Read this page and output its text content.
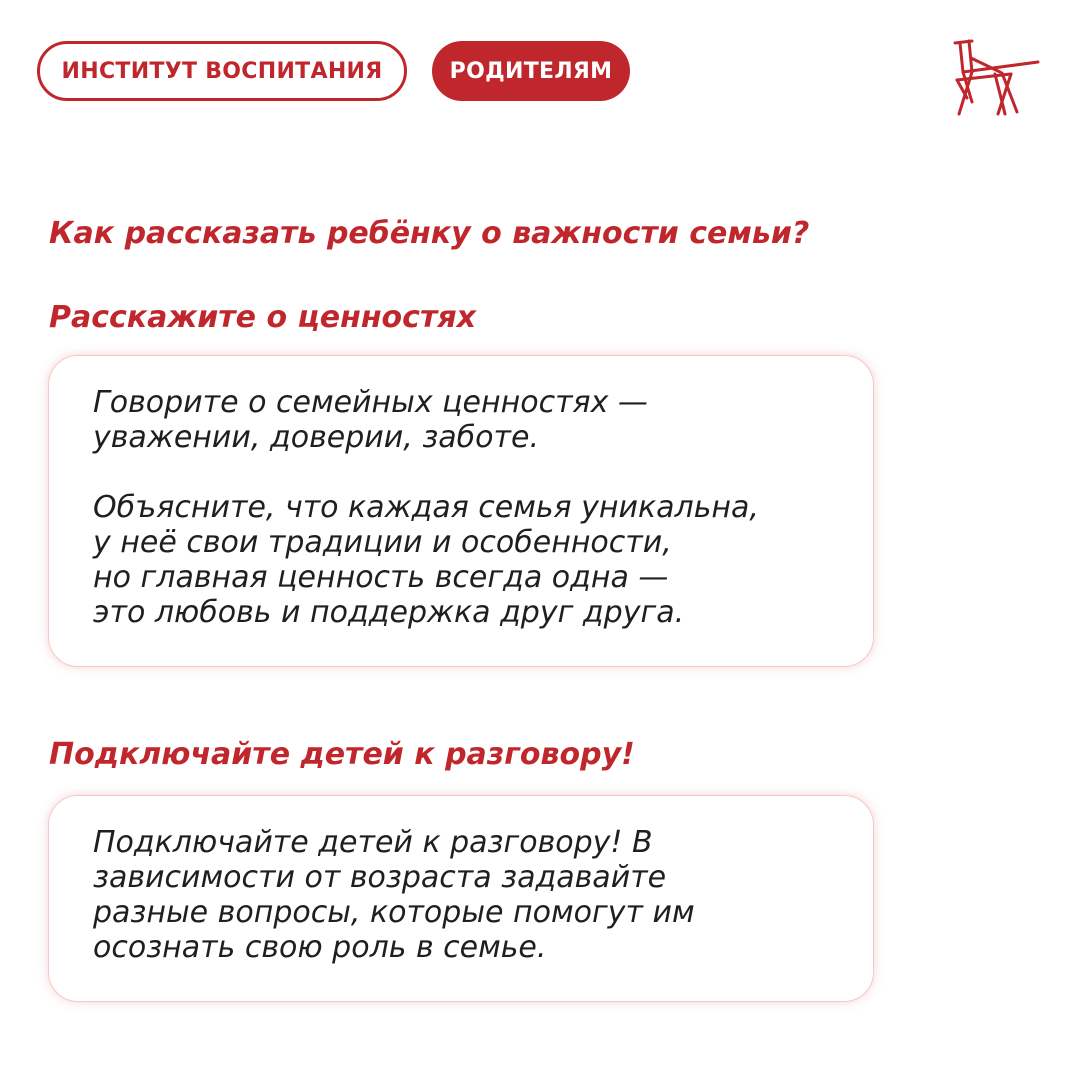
ИНСТИТУТ ВОСПИТАНИЯ	РОДИТЕЛЯМ
Как рассказать ребёнку о важности семьи?
Расскажите о ценностях

Говорите о семейных ценностях —
уважении, доверии, заботе.

Объясните, что каждая семья уникальна,
у неё свои традиции и особенности,
но главная ценность всегда одна —
это любовь и поддержка друг друга.

Подключайте детей к разговору!

Подключайте детей к разговору! В
зависимости от возраста задавайте
разные вопросы, которые помогут им
осознать свою роль в семье.
